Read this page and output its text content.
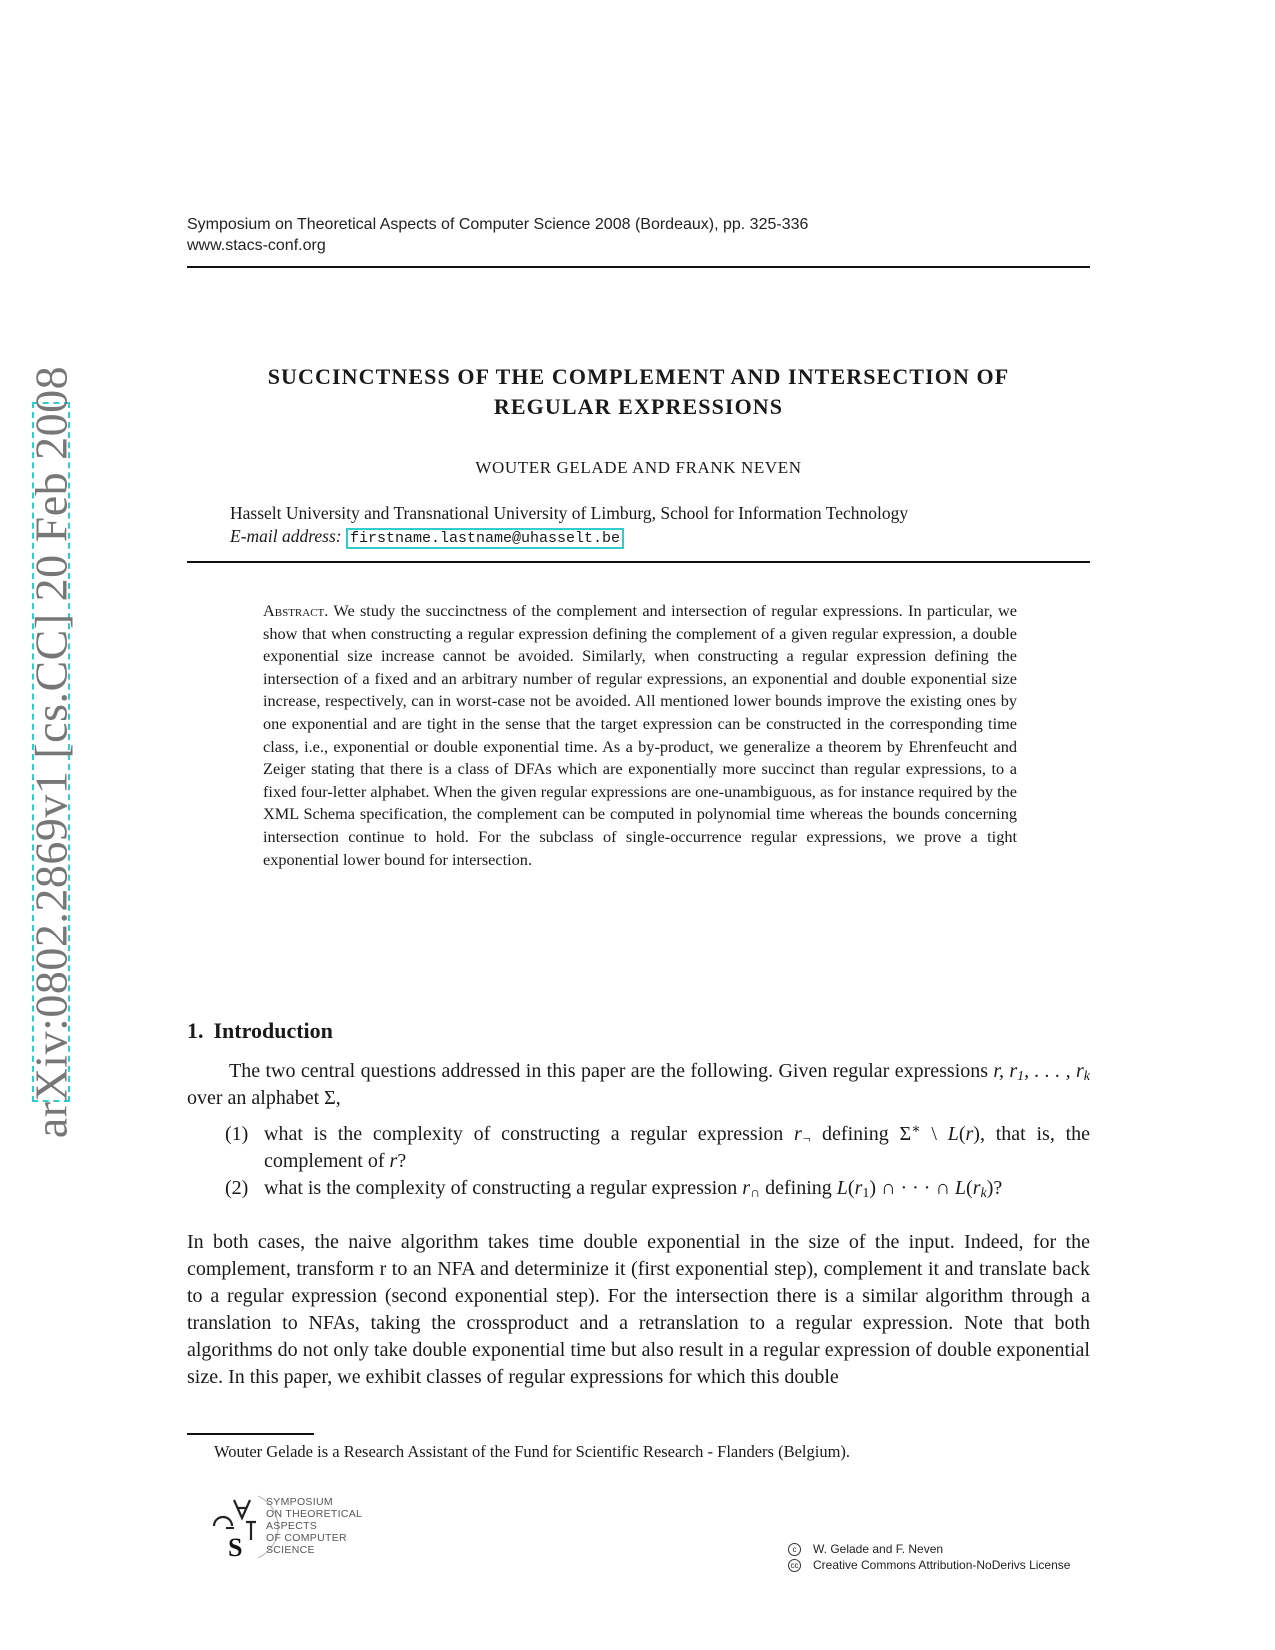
arXiv:0802.2869v1 [cs.CC] 20 Feb 2008
Symposium on Theoretical Aspects of Computer Science 2008 (Bordeaux), pp. 325-336
www.stacs-conf.org
SUCCINCTNESS OF THE COMPLEMENT AND INTERSECTION OF
REGULAR EXPRESSIONS
WOUTER GELADE AND FRANK NEVEN
Hasselt University and Transnational University of Limburg, School for Information Technology
E-mail address: firstname.lastname@uhasselt.be

Abstract. We study the succinctness of the complement and intersection of regular expressions. In particular, we show that when constructing a regular expression defining the complement of a given regular expression, a double exponential size increase cannot be avoided. Similarly, when constructing a regular expression defining the intersection of a fixed and an arbitrary number of regular expressions, an exponential and double exponential size increase, respectively, can in worst-case not be avoided. All mentioned lower bounds improve the existing ones by one exponential and are tight in the sense that the target expression can be constructed in the corresponding time class, i.e., exponential or double exponential time. As a by-product, we generalize a theorem by Ehrenfeucht and Zeiger stating that there is a class of DFAs which are exponentially more succinct than regular expressions, to a fixed four-letter alphabet. When the given regular expressions are one-unambiguous, as for instance required by the XML Schema specification, the complement can be computed in polynomial time whereas the bounds concerning intersection continue to hold. For the subclass of single-occurrence regular expressions, we prove a tight exponential lower bound for intersection.

1. Introduction

The two central questions addressed in this paper are the following. Given regular expressions r, $r_1$, . . . , $r_k$ over an alphabet Σ,

(1) what is the complexity of constructing a regular expression $r_\neg$ defining Σ∗ \ L(r), that is, the complement of r?
(2) what is the complexity of constructing a regular expression $r_\cap$ defining $L(r_1)$ ∩ · · · ∩ $L(r_k)$?

In both cases, the naive algorithm takes time double exponential in the size of the input. Indeed, for the complement, transform r to an NFA and determinize it (first exponential step), complement it and translate back to a regular expression (second exponential step). For the intersection there is a similar algorithm through a translation to NFAs, taking the crossproduct and a retranslation to a regular expression. Note that both algorithms do not only take double exponential time but also result in a regular expression of double exponential size. In this paper, we exhibit classes of regular expressions for which this double

Wouter Gelade is a Research Assistant of the Fund for Scientific Research - Flanders (Belgium).
S
SYMPOSIUM
ON THEORETICAL
ASPECTS
OF COMPUTER
SCIENCE	c W. Gelade and F. Neven
cc Creative Commons Attribution-NoDerivs License
